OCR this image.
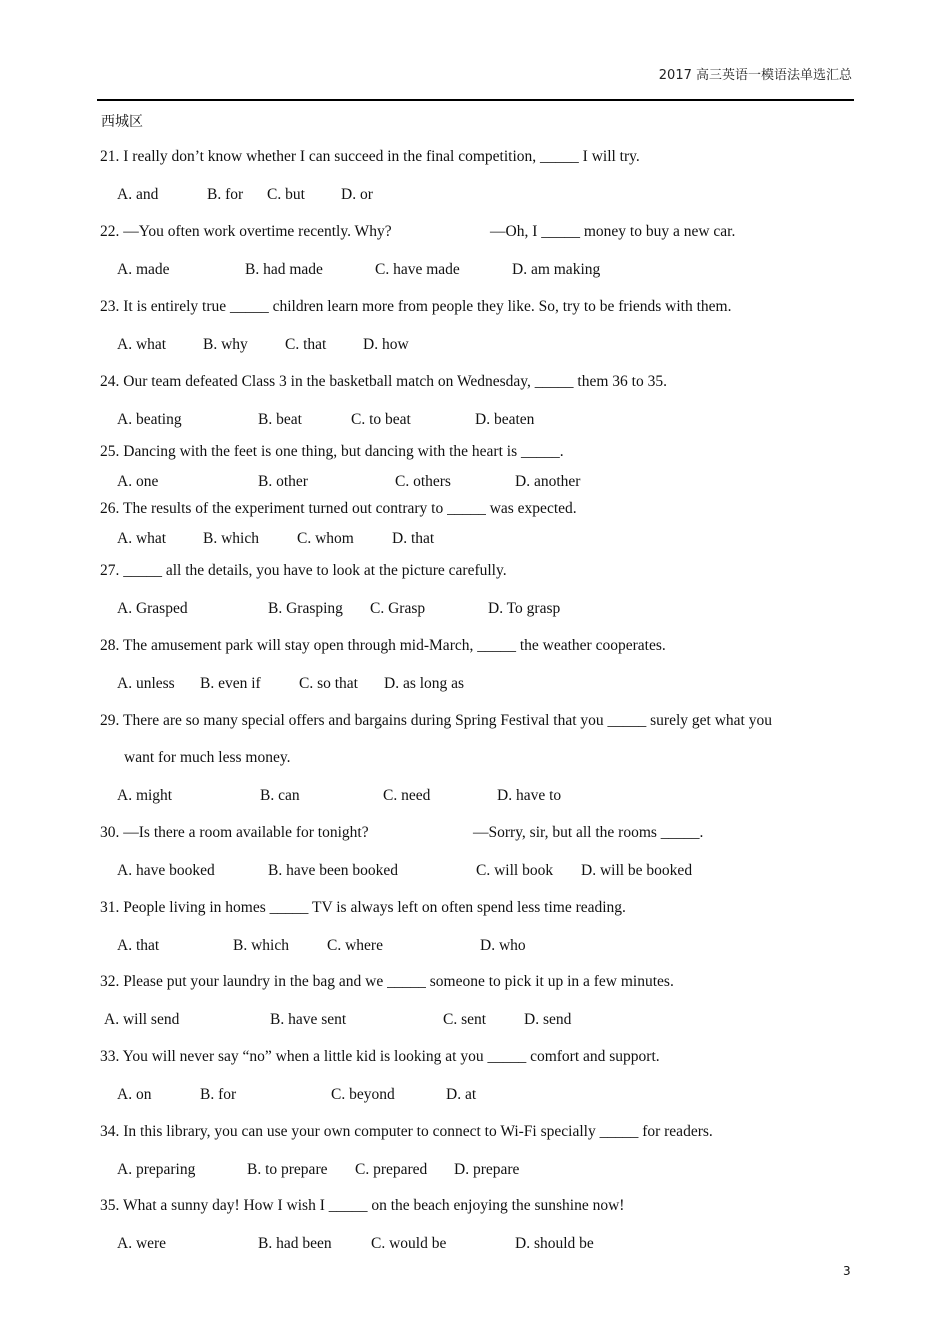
2017 高三英语一模语法单选汇总
西城区
21. I really don’t know whether I can succeed in the final competition, _____ I will try.
A. and	B. for C. but D. or
22. —You often work overtime recently. Why?	—Oh, I _____ money to buy a new car.
A. made	B. had made	C. have made	D. am making
23. It is entirely true _____ children learn more from people they like. So, try to be friends with them.
A. what B. why C. that D. how
24. Our team defeated Class 3 in the basketball match on Wednesday, _____ them 36 to 35.
A. beating	B. beat	C. to beat	D. beaten
25. Dancing with the feet is one thing, but dancing with the heart is _____.
A. one	B. other	C. others	D. another
26. The results of the experiment turned out contrary to _____ was expected.
A. what B. which C. whom D. that
27. _____ all the details, you have to look at the picture carefully.
A. Grasped	B. Grasping C. Grasp	D. To grasp
28. The amusement park will stay open through mid-March, _____ the weather cooperates.
A. unless B. even if C. so that D. as long as
29. There are so many special offers and bargains during Spring Festival that you _____ surely get what you
want for much less money.
A. might	B. can	C. need	D. have to
30. —Is there a room available for tonight?	—Sorry, sir, but all the rooms _____.
A. have booked	B. have been booked	C. will book D. will be booked
31. People living in homes _____ TV is always left on often spend less time reading.
A. that	B. which C. where	D. who
32. Please put your laundry in the bag and we _____ someone to pick it up in a few minutes.
A. will send	B. have sent	C. sent D. send
33. You will never say “no” when a little kid is looking at you _____ comfort and support.
A. on	B. for	C. beyond	D. at
34. In this library, you can use your own computer to connect to Wi-Fi specially _____ for readers.
A. preparing	B. to prepare C. prepared D. prepare
35. What a sunny day! How I wish I _____ on the beach enjoying the sunshine now!
A. were	B. had been	C. would be	D. should be
3
